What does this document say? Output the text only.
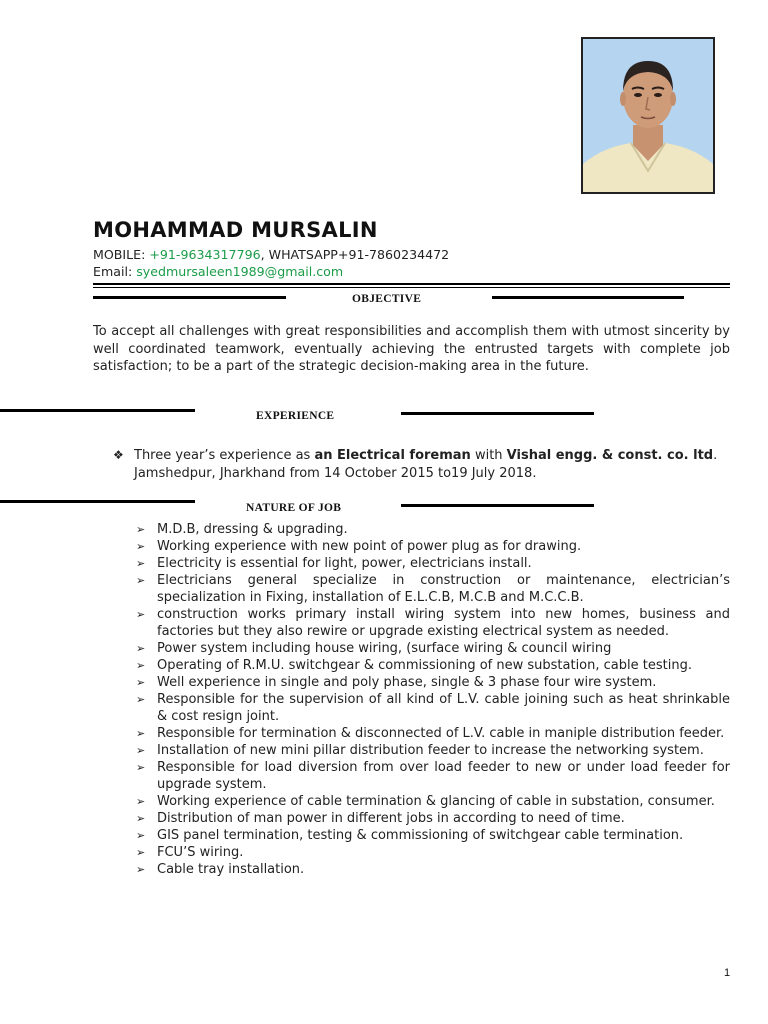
MOHAMMAD MURSALIN
MOBILE: +91-9634317796, WHATSAPP+91-7860234472
Email: syedmursaleen1989@gmail.com
OBJECTIVE
To accept all challenges with great responsibilities and accomplish them with utmost sincerity by well coordinated teamwork, eventually achieving the entrusted targets with complete job satisfaction; to be a part of the strategic decision-making area in the future.
EXPERIENCE
❖ Three year’s experience as an Electrical foreman with Vishal engg. & const. co. ltd. Jamshedpur, Jharkhand from 14 October 2015 to19 July 2018.
NATURE OF JOB
➢ M.D.B, dressing & upgrading.
➢ Working experience with new point of power plug as for drawing.
➢ Electricity is essential for light, power, electricians install.
➢ Electricians general specialize in construction or maintenance, electrician’s specialization in Fixing, installation of E.L.C.B, M.C.B and M.C.C.B.
➢ construction works primary install wiring system into new homes, business and factories but they also rewire or upgrade existing electrical system as needed.
➢ Power system including house wiring, (surface wiring & council wiring
➢ Operating of R.M.U. switchgear & commissioning of new substation, cable testing.
➢ Well experience in single and poly phase, single & 3 phase four wire system.
➢ Responsible for the supervision of all kind of L.V. cable joining such as heat shrinkable & cost resign joint.
➢ Responsible for termination & disconnected of L.V. cable in maniple distribution feeder.
➢ Installation of new mini pillar distribution feeder to increase the networking system.
➢ Responsible for load diversion from over load feeder to new or under load feeder for upgrade system.
➢ Working experience of cable termination & glancing of cable in substation, consumer.
➢ Distribution of man power in different jobs in according to need of time.
➢ GIS panel termination, testing & commissioning of switchgear cable termination.
➢ FCU’S wiring.
➢ Cable tray installation.
1
